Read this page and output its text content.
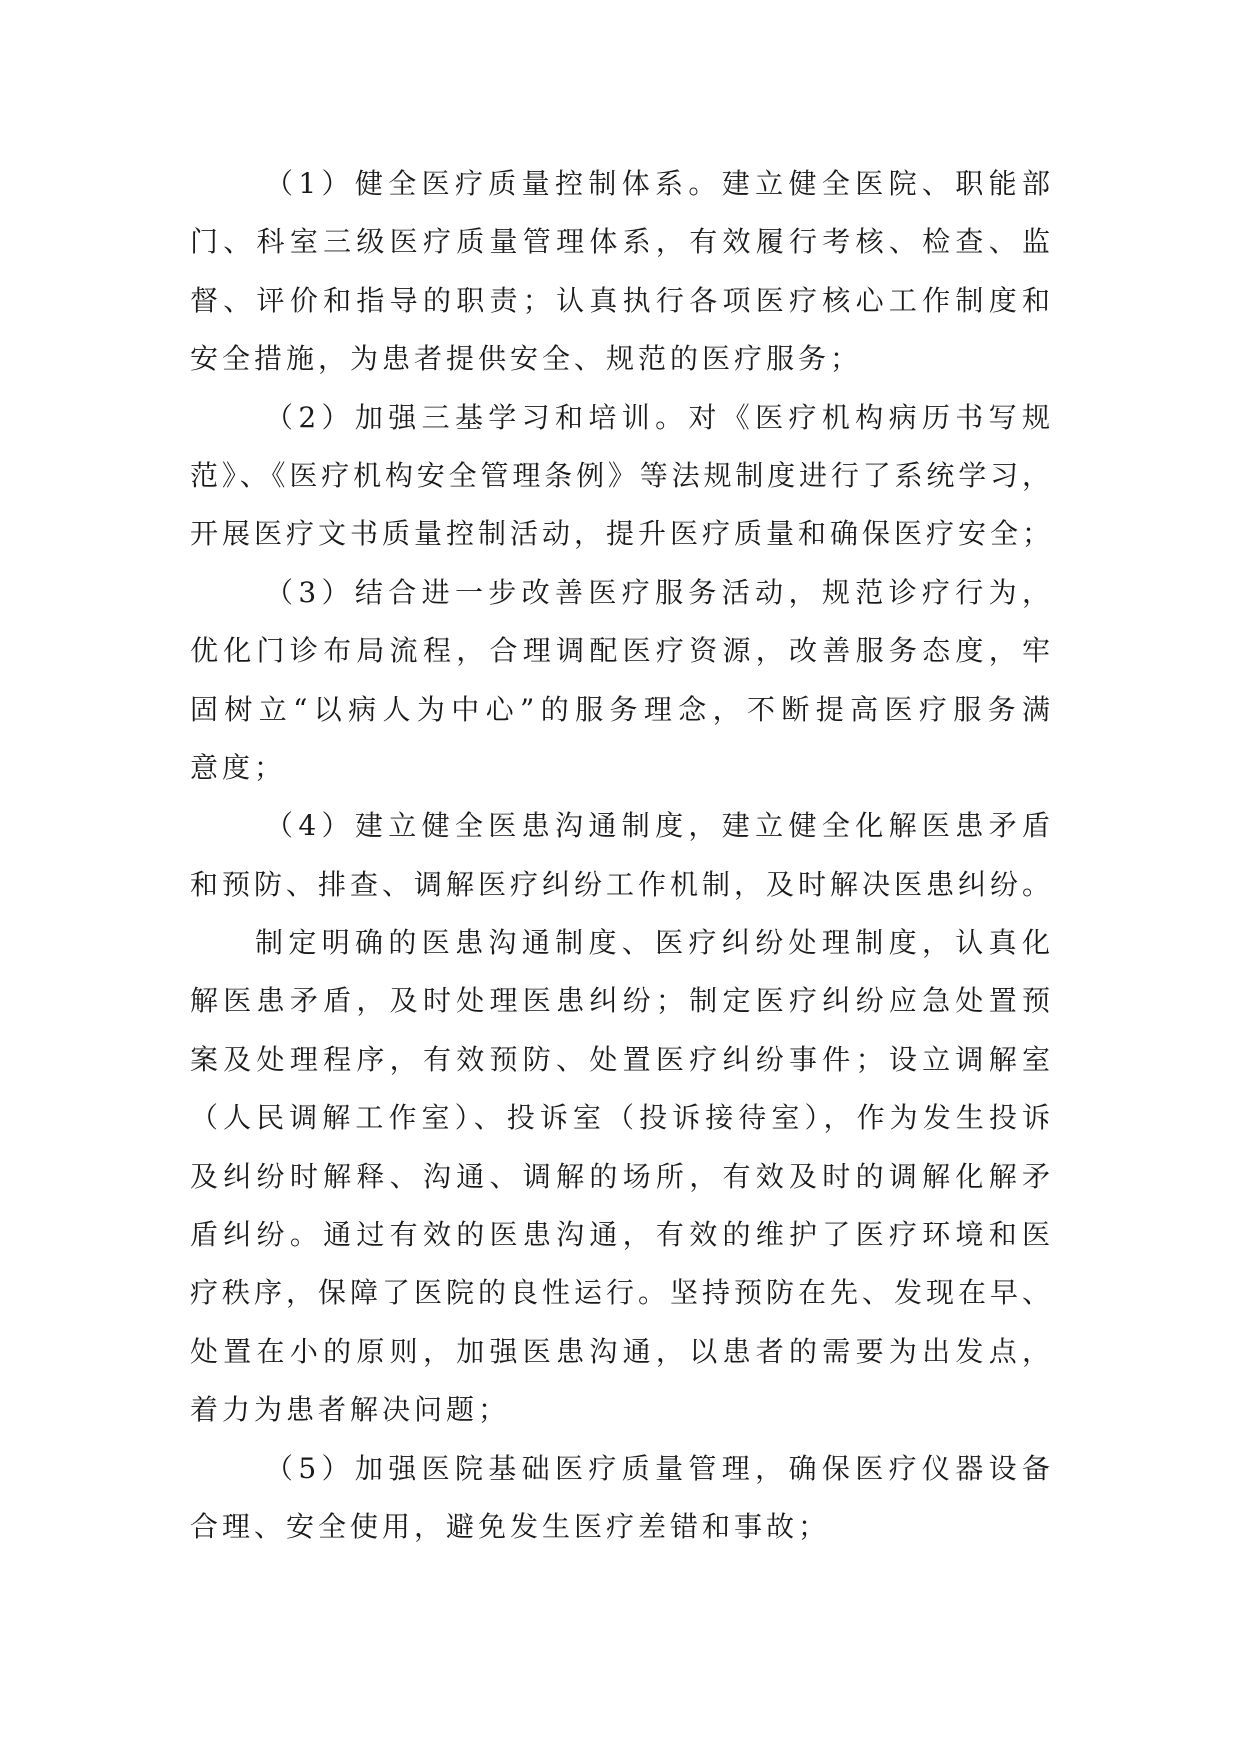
（1）健全医疗质量控制体系。建立健全医院、职能部
门、科室三级医疗质量管理体系，有效履行考核、检查、监
督、评价和指导的职责；认真执行各项医疗核心工作制度和
安全措施，为患者提供安全、规范的医疗服务；
（2）加强三基学习和培训。对《医疗机构病历书写规
范》、《医疗机构安全管理条例》等法规制度进行了系统学习，
开展医疗文书质量控制活动，提升医疗质量和确保医疗安全；
（3）结合进一步改善医疗服务活动，规范诊疗行为，
优化门诊布局流程，合理调配医疗资源，改善服务态度，牢
固树立“以病人为中心”的服务理念，不断提高医疗服务满
意度；
（4）建立健全医患沟通制度，建立健全化解医患矛盾
和预防、排查、调解医疗纠纷工作机制，及时解决医患纠纷。
制定明确的医患沟通制度、医疗纠纷处理制度，认真化
解医患矛盾，及时处理医患纠纷；制定医疗纠纷应急处置预
案及处理程序，有效预防、处置医疗纠纷事件；设立调解室
（人民调解工作室）、投诉室（投诉接待室），作为发生投诉
及纠纷时解释、沟通、调解的场所，有效及时的调解化解矛
盾纠纷。通过有效的医患沟通，有效的维护了医疗环境和医
疗秩序，保障了医院的良性运行。坚持预防在先、发现在早、
处置在小的原则，加强医患沟通，以患者的需要为出发点，
着力为患者解决问题；
（5）加强医院基础医疗质量管理，确保医疗仪器设备
合理、安全使用，避免发生医疗差错和事故；
